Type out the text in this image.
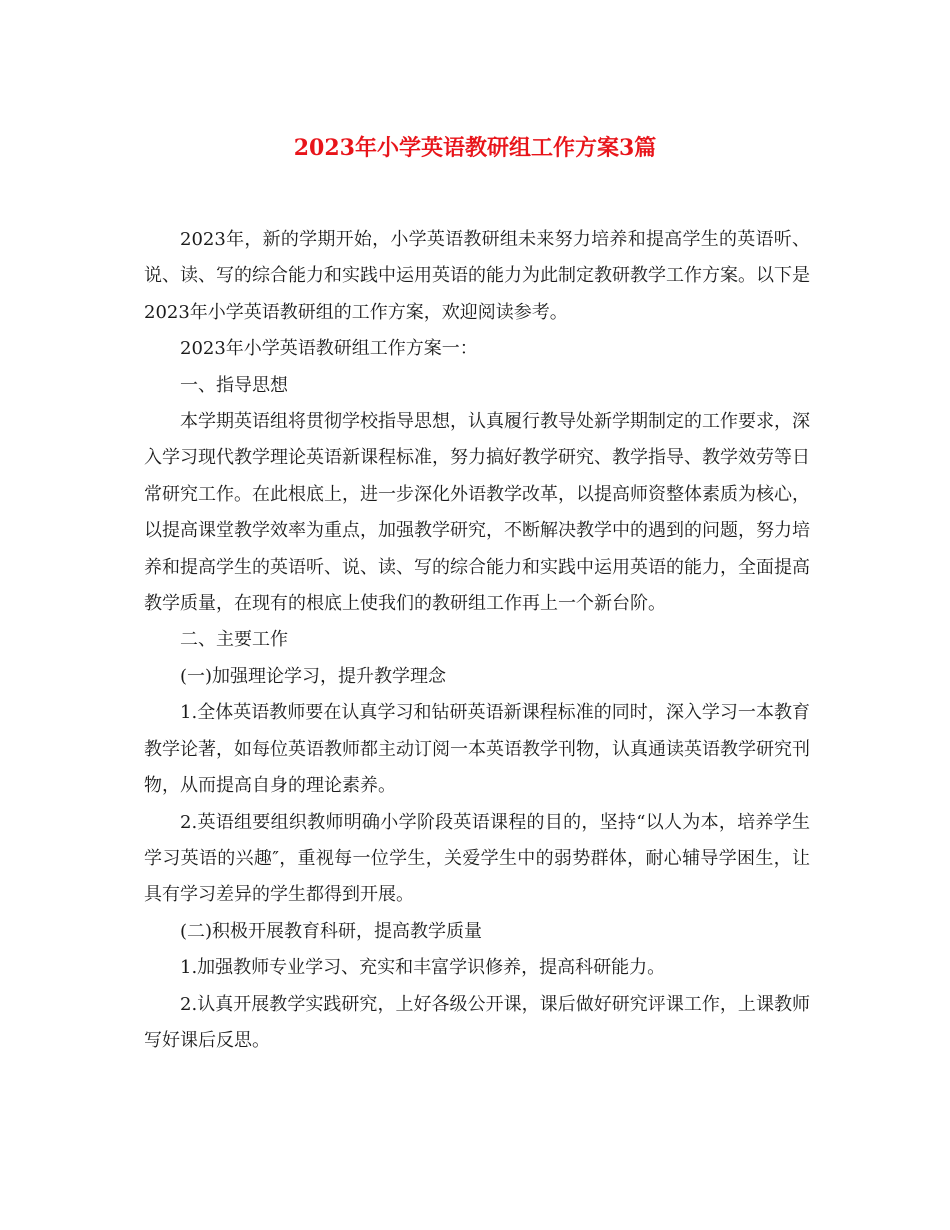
2023年小学英语教研组工作方案3篇

2023年，新的学期开始，小学英语教研组未来努力培养和提高学生的英语听、说、读、写的综合能力和实践中运用英语的能力为此制定教研教学工作方案。以下是2023年小学英语教研组的工作方案，欢迎阅读参考。

2023年小学英语教研组工作方案一：

一、指导思想

本学期英语组将贯彻学校指导思想，认真履行教导处新学期制定的工作要求，深入学习现代教学理论英语新课程标准，努力搞好教学研究、教学指导、教学效劳等日常研究工作。在此根底上，进一步深化外语教学改革，以提高师资整体素质为核心，以提高课堂教学效率为重点，加强教学研究，不断解决教学中的遇到的问题，努力培养和提高学生的英语听、说、读、写的综合能力和实践中运用英语的能力，全面提高教学质量，在现有的根底上使我们的教研组工作再上一个新台阶。

二、主要工作

(一)加强理论学习，提升教学理念

1.全体英语教师要在认真学习和钻研英语新课程标准的同时，深入学习一本教育教学论著，如每位英语教师都主动订阅一本英语教学刊物，认真通读英语教学研究刊物，从而提高自身的理论素养。

2.英语组要组织教师明确小学阶段英语课程的目的，坚持“以人为本，培养学生学习英语的兴趣″，重视每一位学生，关爱学生中的弱势群体，耐心辅导学困生，让具有学习差异的学生都得到开展。

(二)积极开展教育科研，提高教学质量

1.加强教师专业学习、充实和丰富学识修养，提高科研能力。

2.认真开展教学实践研究，上好各级公开课，课后做好研究评课工作，上课教师写好课后反思。
